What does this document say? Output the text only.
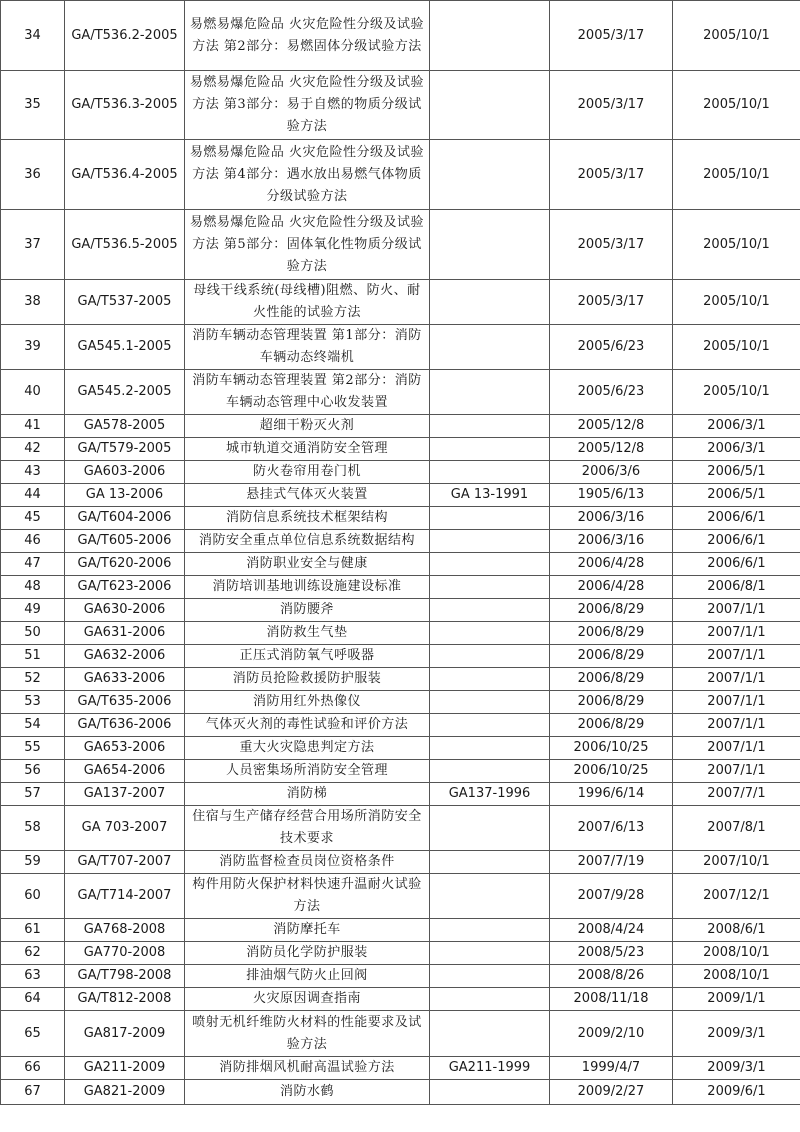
34	GA/T536.2-2005	易燃易爆危险品 火灾危险性分级及试验方法 第2部分：易燃固体分级试验方法		2005/3/17	2005/10/1
35	GA/T536.3-2005	易燃易爆危险品 火灾危险性分级及试验方法 第3部分：易于自燃的物质分级试验方法		2005/3/17	2005/10/1
36	GA/T536.4-2005	易燃易爆危险品 火灾危险性分级及试验方法 第4部分：遇水放出易燃气体物质分级试验方法		2005/3/17	2005/10/1
37	GA/T536.5-2005	易燃易爆危险品 火灾危险性分级及试验方法 第5部分：固体氧化性物质分级试验方法		2005/3/17	2005/10/1
38	GA/T537-2005	母线干线系统(母线槽)阻燃、防火、耐火性能的试验方法		2005/3/17	2005/10/1
39	GA545.1-2005	消防车辆动态管理装置 第1部分：消防车辆动态终端机		2005/6/23	2005/10/1
40	GA545.2-2005	消防车辆动态管理装置 第2部分：消防车辆动态管理中心收发装置		2005/6/23	2005/10/1
41	GA578-2005	超细干粉灭火剂		2005/12/8	2006/3/1
42	GA/T579-2005	城市轨道交通消防安全管理		2005/12/8	2006/3/1
43	GA603-2006	防火卷帘用卷门机		2006/3/6	2006/5/1
44	GA 13-2006	悬挂式气体灭火装置	GA 13-1991	1905/6/13	2006/5/1
45	GA/T604-2006	消防信息系统技术框架结构		2006/3/16	2006/6/1
46	GA/T605-2006	消防安全重点单位信息系统数据结构		2006/3/16	2006/6/1
47	GA/T620-2006	消防职业安全与健康		2006/4/28	2006/6/1
48	GA/T623-2006	消防培训基地训练设施建设标准		2006/4/28	2006/8/1
49	GA630-2006	消防腰斧		2006/8/29	2007/1/1
50	GA631-2006	消防救生气垫		2006/8/29	2007/1/1
51	GA632-2006	正压式消防氧气呼吸器		2006/8/29	2007/1/1
52	GA633-2006	消防员抢险救援防护服装		2006/8/29	2007/1/1
53	GA/T635-2006	消防用红外热像仪		2006/8/29	2007/1/1
54	GA/T636-2006	气体灭火剂的毒性试验和评价方法		2006/8/29	2007/1/1
55	GA653-2006	重大火灾隐患判定方法		2006/10/25	2007/1/1
56	GA654-2006	人员密集场所消防安全管理		2006/10/25	2007/1/1
57	GA137-2007	消防梯	GA137-1996	1996/6/14	2007/7/1
58	GA 703-2007	住宿与生产储存经营合用场所消防安全技术要求		2007/6/13	2007/8/1
59	GA/T707-2007	消防监督检查员岗位资格条件		2007/7/19	2007/10/1
60	GA/T714-2007	构件用防火保护材料快速升温耐火试验方法		2007/9/28	2007/12/1
61	GA768-2008	消防摩托车		2008/4/24	2008/6/1
62	GA770-2008	消防员化学防护服装		2008/5/23	2008/10/1
63	GA/T798-2008	排油烟气防火止回阀		2008/8/26	2008/10/1
64	GA/T812-2008	火灾原因调查指南		2008/11/18	2009/1/1
65	GA817-2009	喷射无机纤维防火材料的性能要求及试验方法		2009/2/10	2009/3/1
66	GA211-2009	消防排烟风机耐高温试验方法	GA211-1999	1999/4/7	2009/3/1
67	GA821-2009	消防水鹤		2009/2/27	2009/6/1
